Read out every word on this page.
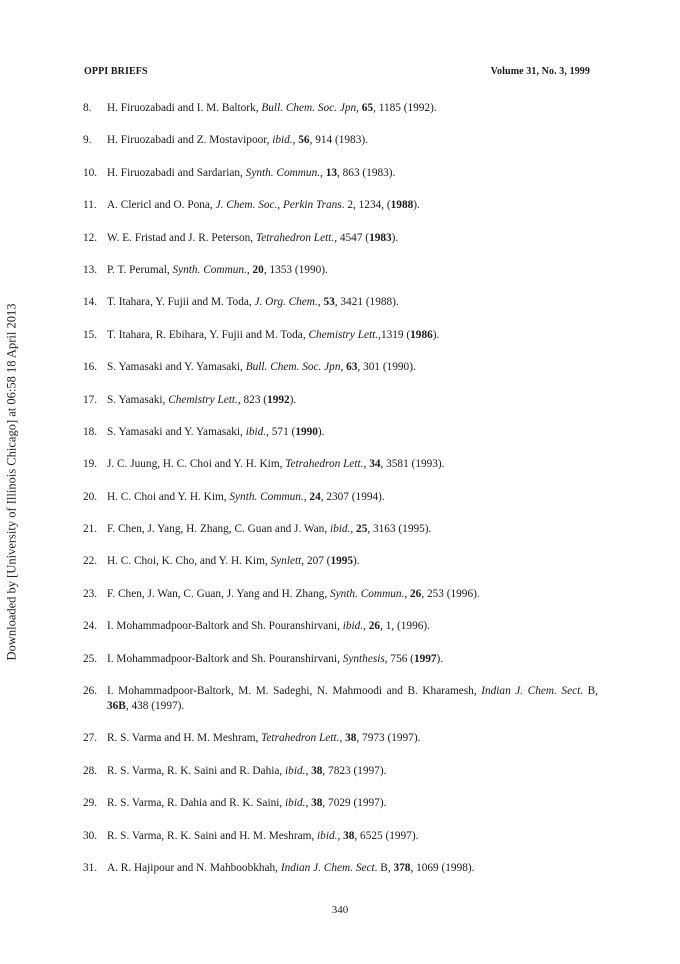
Downloaded by [University of Illinois Chicago] at 06:58 18 April 2013
OPPI BRIEFS	Volume 31, No. 3, 1999
8.	H. Firuozabadi and I. M. Baltork, Bull. Chem. Soc. Jpn, 65, 1185 (1992).
9.	H. Firuozabadi and Z. Mostavipoor, ibid., 56, 914 (1983).
10. H. Firuozabadi and Sardarian, Synth. Commun., 13, 863 (1983).
11. A. Clericl and O. Pona, J. Chem. Soc., Perkin Trans. 2, 1234, (1988).
12. W. E. Fristad and J. R. Peterson, Tetrahedron Lett., 4547 (1983).
13. P. T. Perumal, Synth. Commun., 20, 1353 (1990).
14. T. Itahara, Y. Fujii and M. Toda, J. Org. Chem., 53, 3421 (1988).
15. T. Itahara, R. Ebihara, Y. Fujii and M. Toda, Chemistry Lett.,1319 (1986).
16. S. Yamasaki and Y. Yamasaki, Bull. Chem. Soc. Jpn, 63, 301 (1990).
17. S. Yamasaki, Chemistry Lett., 823 (1992).
18. S. Yamasaki and Y. Yamasaki, ibid., 571 (1990).
19. J. C. Juung, H. C. Choi and Y. H. Kim, Tetrahedron Lett., 34, 3581 (1993).
20. H. C. Choi and Y. H. Kim, Synth. Commun., 24, 2307 (1994).
21. F. Chen, J. Yang, H. Zhang, C. Guan and J. Wan, ibid., 25, 3163 (1995).
22. H. C. Choi, K. Cho, and Y. H. Kim, Synlett, 207 (1995).
23. F. Chen, J. Wan, C. Guan, J. Yang and H. Zhang, Synth. Commun., 26, 253 (1996).
24. I. Mohammadpoor-Baltork and Sh. Pouranshirvani, ibid., 26, 1, (1996).
25. I. Mohammadpoor-Baltork and Sh. Pouranshirvani, Synthesis, 756 (1997).
26. I. Mohammadpoor-Baltork, M. M. Sadeghi, N. Mahmoodi and B. Kharamesh, Indian J. Chem. Sect. B, 36B, 438 (1997).
27. R. S. Varma and H. M. Meshram, Tetrahedron Lett., 38, 7973 (1997).
28. R. S. Varma, R. K. Saini and R. Dahia, ibid., 38, 7823 (1997).
29. R. S. Varma, R. Dahia and R. K. Saini, ibid., 38, 7029 (1997).
30. R. S. Varma, R. K. Saini and H. M. Meshram, ibid., 38, 6525 (1997).
31. A. R. Hajipour and N. Mahboobkhah, Indian J. Chem. Sect. B, 378, 1069 (1998).
340
